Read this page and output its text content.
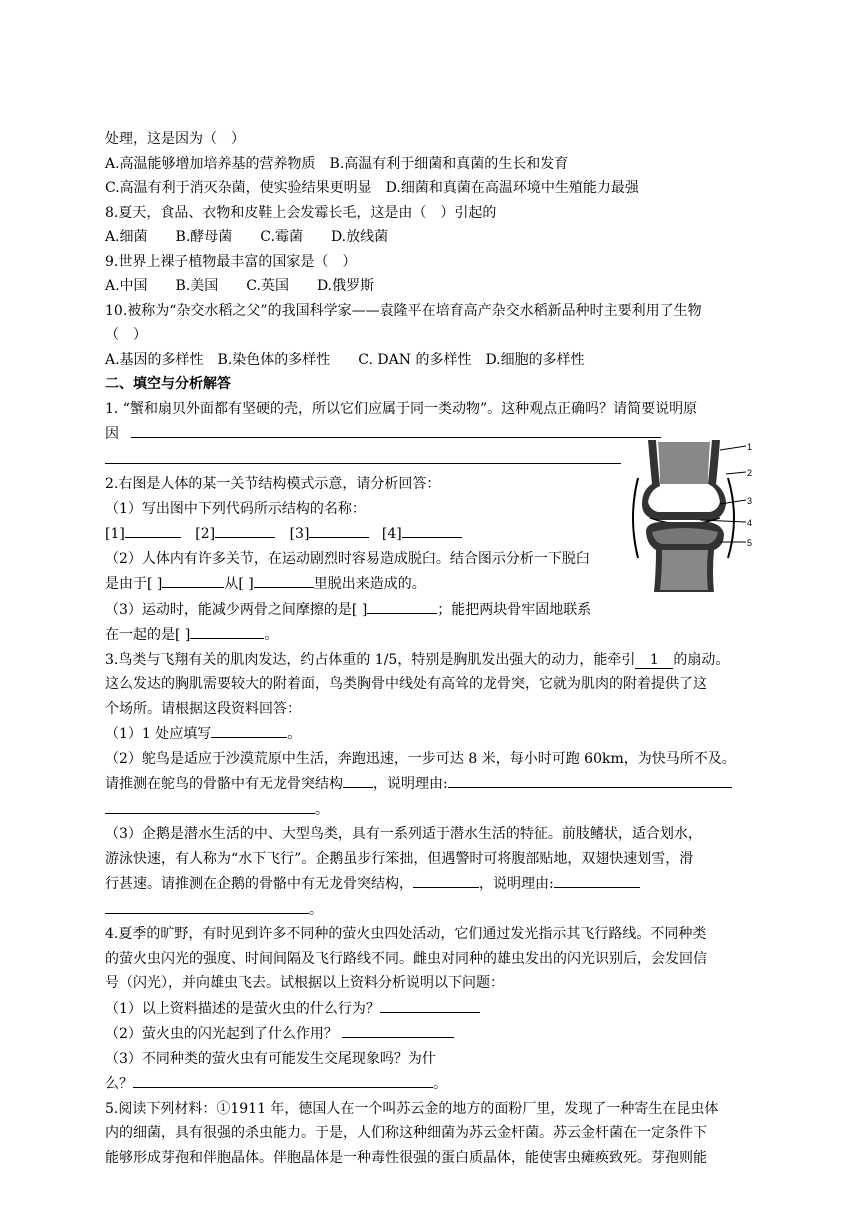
处理，这是因为（　）
A.高温能够增加培养基的营养物质　B.高温有利于细菌和真菌的生长和发育
C.高温有利于消灭杂菌，使实验结果更明显　D.细菌和真菌在高温环境中生殖能力最强
8.夏天，食品、衣物和皮鞋上会发霉长毛，这是由（　）引起的
A.细菌　　B.酵母菌　　C.霉菌　　D.放线菌
9.世界上裸子植物最丰富的国家是（　）
A.中国　　B.美国　　C.英国　　D.俄罗斯
10.被称为“杂交水稻之父”的我国科学家——袁隆平在培育高产杂交水稻新品种时主要利用了生物
（　）
A.基因的多样性　B.染色体的多样性　　C. DAN 的多样性　D.细胞的多样性
二、填空与分析解答
1. “蟹和扇贝外面都有坚硬的壳，所以它们应属于同一类动物”。这种观点正确吗？请简要说明原
因
2.右图是人体的某一关节结构模式示意，请分析回答：
（1）写出图中下列代码所示结构的名称：
[1]	[2]	[3]	[4]
（2）人体内有许多关节，在运动剧烈时容易造成脱臼。结合图示分析一下脱臼
是由于[ ]	从[ ]	里脱出来造成的。
（3）运动时，能减少两骨之间摩擦的是[ ]	；能把两块骨牢固地联系
在一起的是[ ]	。
3.鸟类与飞翔有关的肌肉发达，约占体重的 1/5，特别是胸肌发出强大的动力，能牵引 1 的扇动。
这么发达的胸肌需要较大的附着面，鸟类胸骨中线处有高耸的龙骨突，它就为肌肉的附着提供了这
个场所。请根据这段资料回答：
（1）1 处应填写	。
（2）鸵鸟是适应于沙漠荒原中生活，奔跑迅速，一步可达 8 米，每小时可跑 60km，为快马所不及。
请推测在鸵鸟的骨骼中有无龙骨突结构 ，说明理由:
。
（3）企鹅是潜水生活的中、大型鸟类，具有一系列适于潜水生活的特征。前肢鳍状，适合划水，
游泳快速，有人称为“水下飞行”。企鹅虽步行笨拙，但遇警时可将腹部贴地，双翅快速划雪，滑
行甚速。请推测在企鹅的骨骼中有无龙骨突结构，	，说明理由:
。
4.夏季的旷野，有时见到许多不同种的萤火虫四处活动，它们通过发光指示其飞行路线。不同种类
的萤火虫闪光的强度、时间间隔及飞行路线不同。雌虫对同种的雄虫发出的闪光识别后，会发回信
号（闪光），并向雄虫飞去。试根据以上资料分析说明以下问题：
（1）以上资料描述的是萤火虫的什么行为？
（2）萤火虫的闪光起到了什么作用？
（3）不同种类的萤火虫有可能发生交尾现象吗？为什
么？	。
5.阅读下列材料：①1911 年，德国人在一个叫苏云金的地方的面粉厂里，发现了一种寄生在昆虫体
内的细菌，具有很强的杀虫能力。于是，人们称这种细菌为苏云金杆菌。苏云金杆菌在一定条件下
能够形成芽孢和伴胞晶体。伴胞晶体是一种毒性很强的蛋白质晶体，能使害虫瘫痪致死。芽孢则能
1
2
3
4
5
